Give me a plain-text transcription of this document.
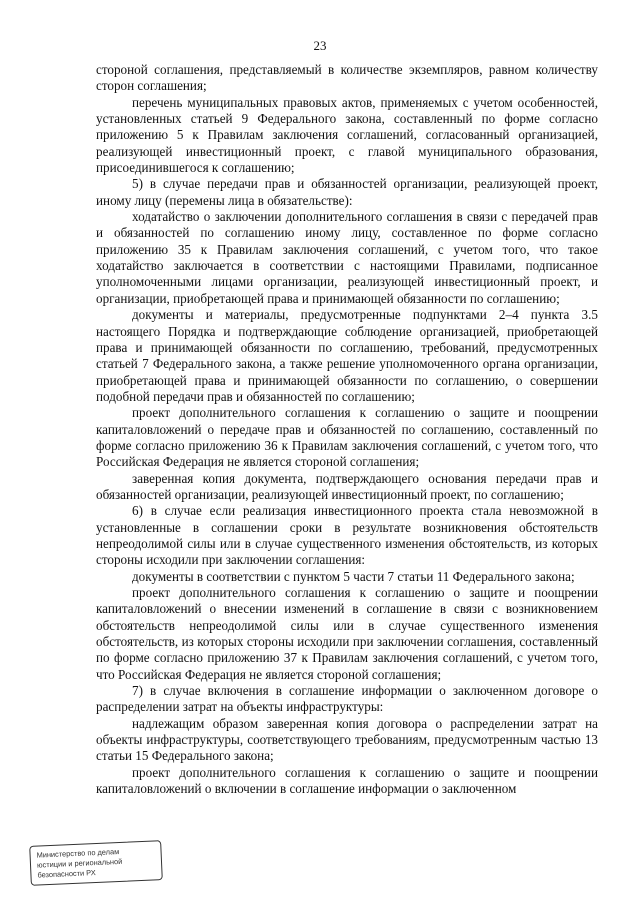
23

стороной соглашения, представляемый в количестве экземпляров, равном количеству сторон соглашения;

перечень муниципальных правовых актов, применяемых с учетом особенностей, установленных статьей 9 Федерального закона, составленный по форме согласно приложению 5 к Правилам заключения соглашений, согласованный организацией, реализующей инвестиционный проект, с главой муниципального образования, присоединившегося к соглашению;

5) в случае передачи прав и обязанностей организации, реализующей проект, иному лицу (перемены лица в обязательстве):

ходатайство о заключении дополнительного соглашения в связи с передачей прав и обязанностей по соглашению иному лицу, составленное по форме согласно приложению 35 к Правилам заключения соглашений, с учетом того, что такое ходатайство заключается в соответствии с настоящими Правилами, подписанное уполномоченными лицами организации, реализующей инвестиционный проект, и организации, приобретающей права и принимающей обязанности по соглашению;

документы и материалы, предусмотренные подпунктами 2–4 пункта 3.5 настоящего Порядка и подтверждающие соблюдение организацией, приобретающей права и принимающей обязанности по соглашению, требований, предусмотренных статьей 7 Федерального закона, а также решение уполномоченного органа организации, приобретающей права и принимающей обязанности по соглашению, о совершении подобной передачи прав и обязанностей по соглашению;

проект дополнительного соглашения к соглашению о защите и поощрении капиталовложений о передаче прав и обязанностей по соглашению, составленный по форме согласно приложению 36 к Правилам заключения соглашений, с учетом того, что Российская Федерация не является стороной соглашения;

заверенная копия документа, подтверждающего основания передачи прав и обязанностей организации, реализующей инвестиционный проект, по соглашению;

6) в случае если реализация инвестиционного проекта стала невозможной в установленные в соглашении сроки в результате возникновения обстоятельств непреодолимой силы или в случае существенного изменения обстоятельств, из которых стороны исходили при заключении соглашения:

документы в соответствии с пунктом 5 части 7 статьи 11 Федерального закона;

проект дополнительного соглашения к соглашению о защите и поощрении капиталовложений о внесении изменений в соглашение в связи с возникновением обстоятельств непреодолимой силы или в случае существенного изменения обстоятельств, из которых стороны исходили при заключении соглашения, составленный по форме согласно приложению 37 к Правилам заключения соглашений, с учетом того, что Российская Федерация не является стороной соглашения;

7) в случае включения в соглашение информации о заключенном договоре о распределении затрат на объекты инфраструктуры:

надлежащим образом заверенная копия договора о распределении затрат на объекты инфраструктуры, соответствующего требованиям, предусмотренным частью 13 статьи 15 Федерального закона;

проект дополнительного соглашения к соглашению о защите и поощрении капиталовложений о включении в соглашение информации о заключенном

Министерство по делам
юстиции и региональной
безопасности РХ
